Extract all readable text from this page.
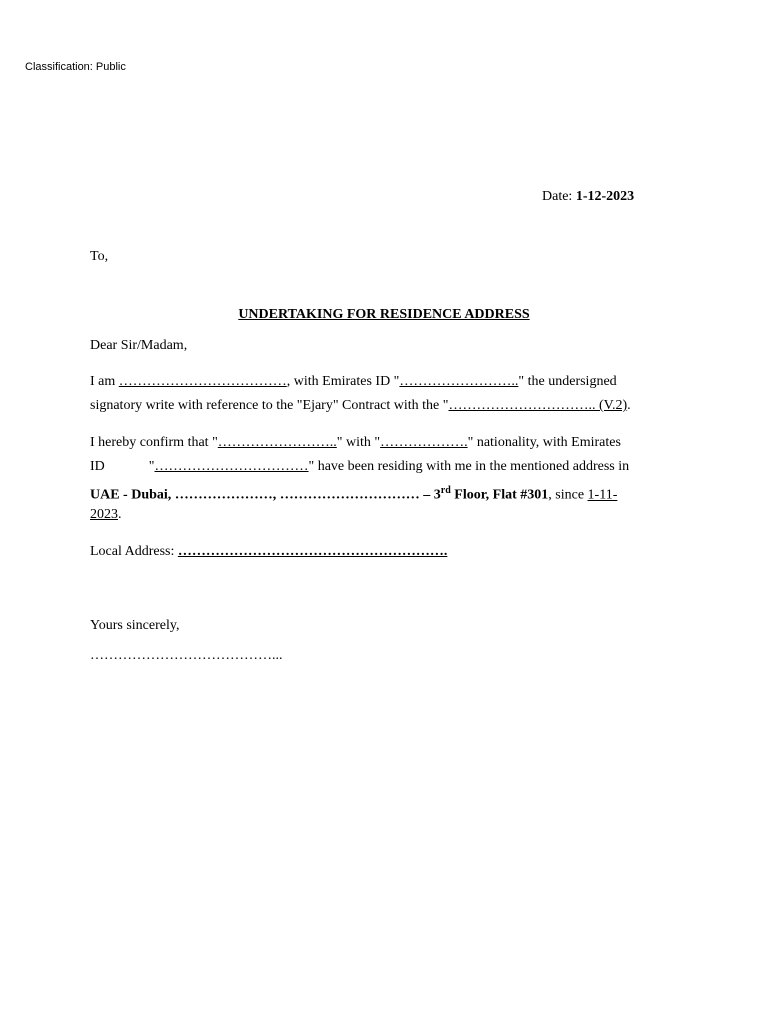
Classification: Public
Date: 1-12-2023
To,
UNDERTAKING FOR RESIDENCE ADDRESS
Dear Sir/Madam,
I am ………………………………, with Emirates ID "…………………….." the undersigned
signatory write with reference to the "Ejary" Contract with the "………………………….. (V.2).
I hereby confirm that "…………………….." with "………………." nationality, with Emirates
ID	"……………………………" have been residing with me in the mentioned address in
UAE - Dubai, …………………, ………………………… – 3rd Floor, Flat #301, since 1-11-
2023.
Local Address: ………………………………………………….
Yours sincerely,
…………………………………...
